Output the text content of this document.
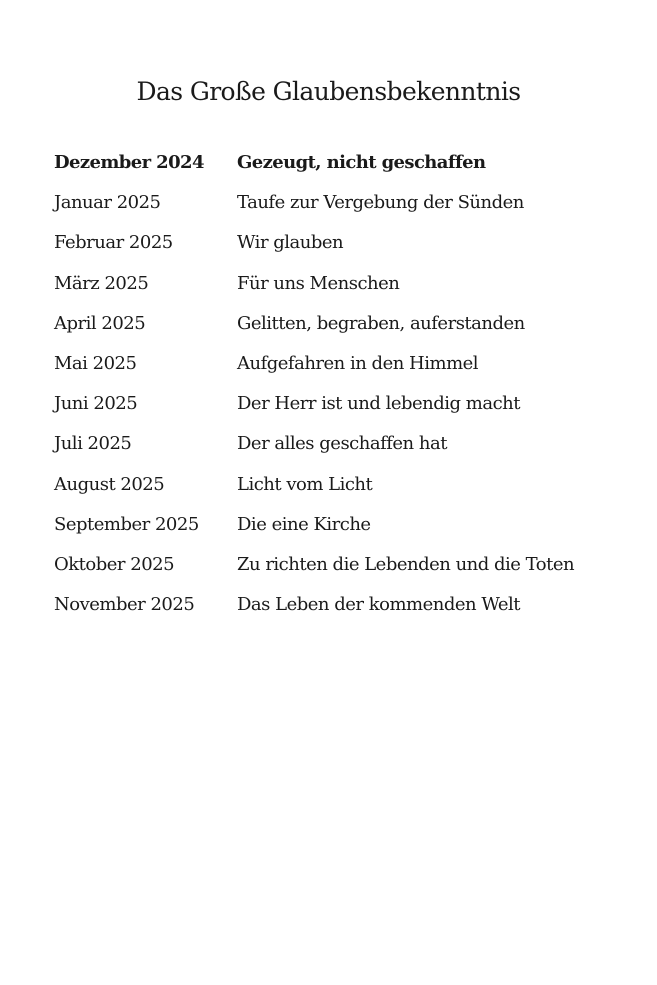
Das Große Glaubensbekenntnis
Dezember 2024	Gezeugt, nicht geschaffen
Januar 2025	Taufe zur Vergebung der Sünden
Februar 2025	Wir glauben
März 2025	Für uns Menschen
April 2025	Gelitten, begraben, auferstanden
Mai 2025	Aufgefahren in den Himmel
Juni 2025	Der Herr ist und lebendig macht
Juli 2025	Der alles geschaffen hat
August 2025	Licht vom Licht
September 2025	Die eine Kirche
Oktober 2025	Zu richten die Lebenden und die Toten
November 2025	Das Leben der kommenden Welt
